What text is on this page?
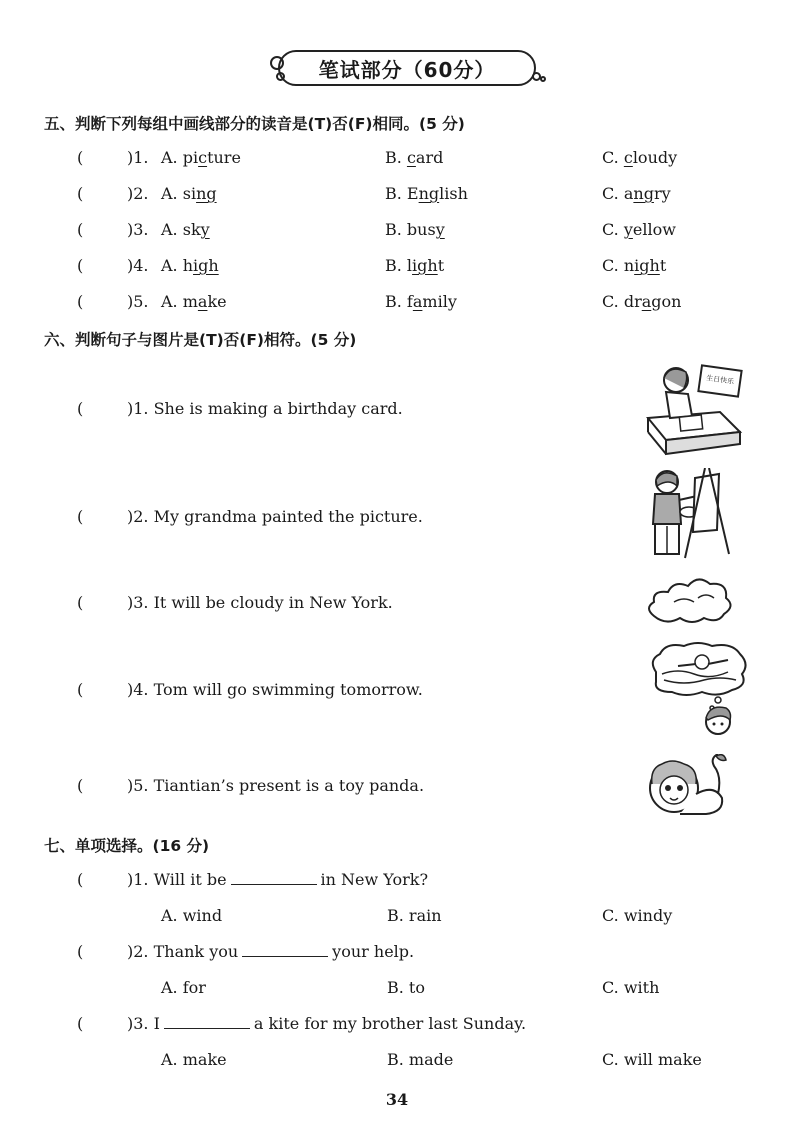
笔试部分（60分）
五、判断下列每组中画线部分的读音是(T)否(F)相同。(5 分)
(	)1. A. picture	B. card	C. cloudy
(	)2. A. sing	B. English	C. angry
(	)3. A. sky	B. busy	C. yellow
(	)4. A. high	B. light	C. night
(	)5. A. make	B. family	C. dragon
六、判断句子与图片是(T)否(F)相符。(5 分)
(	)1. She is making a birthday card.
(	)2. My grandma painted the picture.
(	)3. It will be cloudy in New York.
(	)4. Tom will go swimming tomorrow.
(	)5. Tiantian’s present is a toy panda.
生日快乐
七、单项选择。(16 分)
(	)1. Will it be	in New York?
A. wind	B. rain	C. windy
(	)2. Thank you	your help.
A. for	B. to	C. with
(	)3. I	a kite for my brother last Sunday.
A. make	B. made	C. will make
34
